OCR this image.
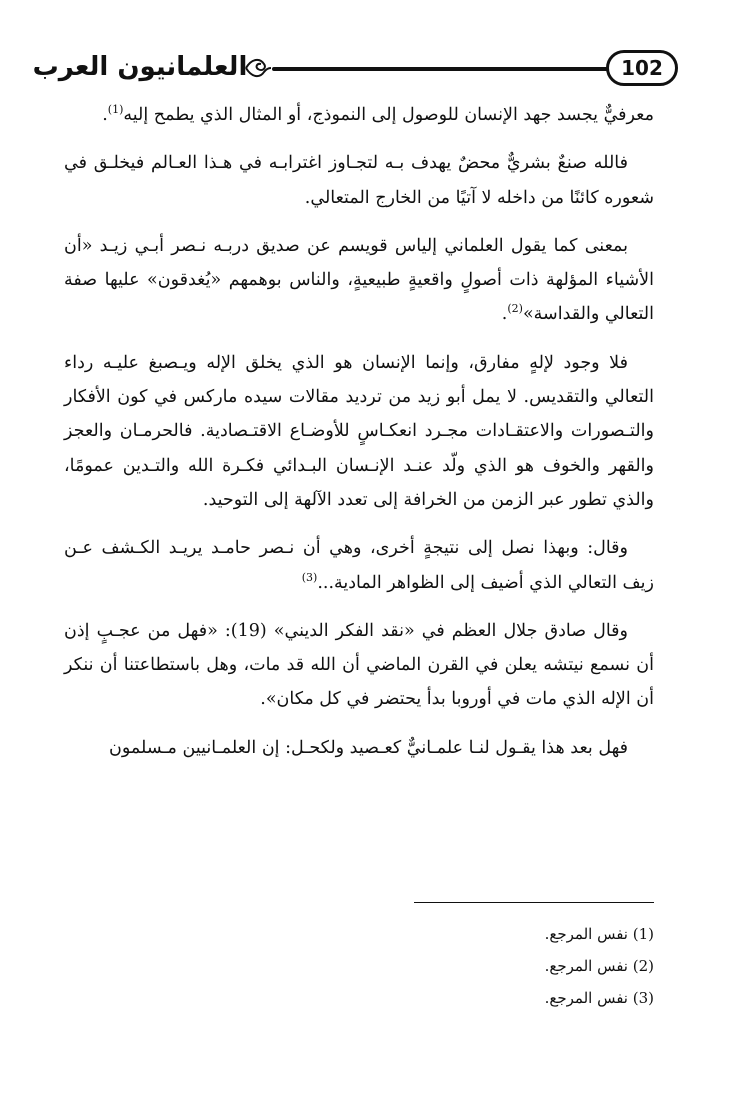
العلمانيون العرب	102

معرفيٌّ يجسد جهد الإنسان للوصول إلى النموذج، أو المثال الذي يطمح إليه$^{(1)}$.

فالله صنعٌ بشريٌّ محضٌ يهدف بـه لتجـاوز اغترابـه في هـذا العـالم فيخلـق في شعوره كائنًا من داخله لا آتيًا من الخارج المتعالي.

بمعنى كما يقول العلماني إلياس قويسم عن صديق دربـه نـصر أبـي زيـد «أن الأشياء المؤلهة ذات أصولٍ واقعيةٍ طبيعيةٍ، والناس بوهمهم «يُغدقون» عليها صفة التعالي والقداسة»$^{(2)}$.

فلا وجود لإلهٍ مفارق، وإنما الإنسان هو الذي يخلق الإله ويـصبغ عليـه رداء التعالي والتقديس. لا يمل أبو زيد من ترديد مقالات سيده ماركس في كون الأفكار والتـصورات والاعتقـادات مجـرد انعكـاسٍ للأوضـاع الاقتـصادية. فالحرمـان والعجز والقهر والخوف هو الذي ولّد عنـد الإنـسان البـدائي فكـرة الله والتـدين عمومًا، والذي تطور عبر الزمن من الخرافة إلى تعدد الآلهة إلى التوحيد.

وقال: وبهذا نصل إلى نتيجةٍ أخرى، وهي أن نـصر حامـد يريـد الكـشف عـن زيف التعالي الذي أضيف إلى الظواهر المادية...$^{(3)}$

وقال صادق جلال العظم في «نقد الفكر الديني» (19): «فهل من عجـبٍ إذن أن نسمع نيتشه يعلن في القرن الماضي أن الله قد مات، وهل باستطاعتنا أن ننكر أن الإله الذي مات في أوروبا بدأ يحتضر في كل مكان».

فهل بعد هذا يقـول لنـا علمـانيٌّ كعـصيد ولكحـل: إن العلمـانيين مـسلمون

(1) نفس المرجع.

(2) نفس المرجع.

(3) نفس المرجع.
